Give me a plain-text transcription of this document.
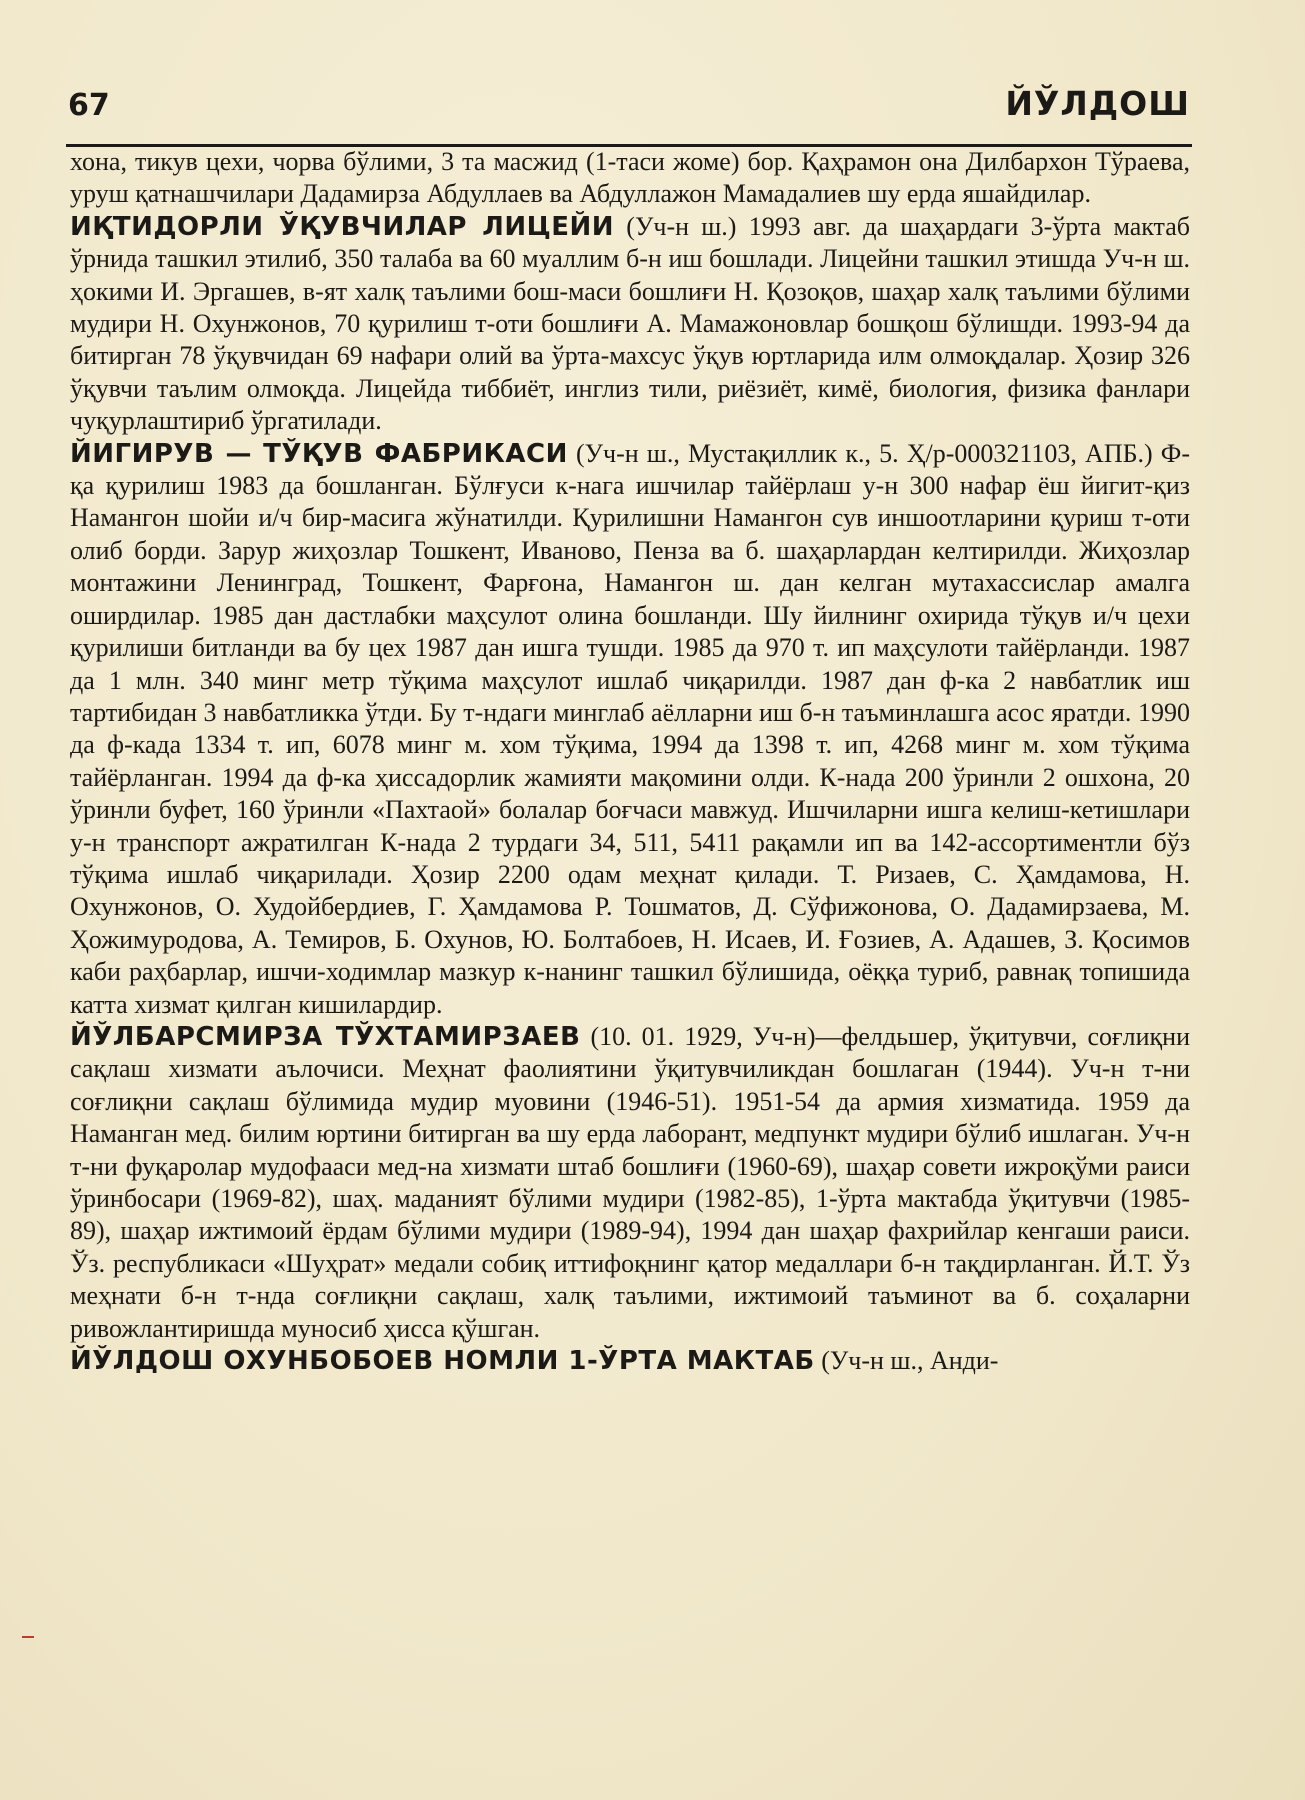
67	ЙЎЛДОШ

хона, тикув цехи, чорва бўлими, 3 та масжид (1-таси жоме) бор. Қаҳрамон она Дилбархон Тўраева, уруш қатнашчилари Дадамирза Абдуллаев ва Абдуллажон Мамадалиев шу ерда яшайдилар.

ИҚТИДОРЛИ ЎҚУВЧИЛАР ЛИЦЕЙИ (Уч-н ш.) 1993 авг. да шаҳардаги 3-ўрта мактаб ўрнида ташкил этилиб, 350 талаба ва 60 муаллим б-н иш бошлади. Лицейни ташкил этишда Уч-н ш. ҳокими И. Эргашев, в-ят халқ таълими бош-маси бошлиғи Н. Қозоқов, шаҳар халқ таълими бўлими мудири Н. Охунжонов, 70 қурилиш т-оти бошлиғи А. Мамажоновлар бошқош бўлишди. 1993-94 да битирган 78 ўқувчидан 69 нафари олий ва ўрта-махсус ўқув юртларида илм олмоқдалар. Ҳозир 326 ўқувчи таълим олмоқда. Лицейда тиббиёт, инглиз тили, риёзиёт, кимё, биология, физика фанлари чуқурлаштириб ўргатилади.

ЙИГИРУВ — ТЎҚУВ ФАБРИКАСИ (Уч-н ш., Мустақиллик к., 5. Ҳ/р-000321103, АПБ.) Ф-қа қурилиш 1983 да бошланган. Бўлғуси к-нага ишчилар тайёрлаш у-н 300 нафар ёш йигит-қиз Намангон шойи и/ч бир-масига жўнатилди. Қурилишни Намангон сув иншоотларини қуриш т-оти олиб борди. Зарур жиҳозлар Тошкент, Иваново, Пенза ва б. шаҳарлардан келтирилди. Жиҳозлар монтажини Ленинград, Тошкент, Фарғона, Намангон ш. дан келган мутахассислар амалга оширдилар. 1985 дан дастлабки маҳсулот олина бошланди. Шу йилнинг охирида тўқув и/ч цехи қурилиши битланди ва бу цех 1987 дан ишга тушди. 1985 да 970 т. ип маҳсулоти тайёрланди. 1987 да 1 млн. 340 минг метр тўқима маҳсулот ишлаб чиқарилди. 1987 дан ф-ка 2 навбатлик иш тартибидан 3 навбатликка ўтди. Бу т-ндаги минглаб аёлларни иш б-н таъминлашга асос яратди. 1990 да ф-када 1334 т. ип, 6078 минг м. хом тўқима, 1994 да 1398 т. ип, 4268 минг м. хом тўқима тайёрланган. 1994 да ф-ка ҳиссадорлик жамияти мақомини олди. К-нада 200 ўринли 2 ошхона, 20 ўринли буфет, 160 ўринли «Пахтаой» болалар боғчаси мавжуд. Ишчиларни ишга келиш-кетишлари у-н транспорт ажратилган К-нада 2 турдаги 34, 511, 5411 рақамли ип ва 142-ассортиментли бўз тўқима ишлаб чиқарилади. Ҳозир 2200 одам меҳнат қилади. Т. Ризаев, С. Ҳамдамова, Н. Охунжонов, О. Худойбердиев, Г. Ҳамдамова Р. Тошматов, Д. Сўфижонова, О. Дадамирзаева, М. Ҳожимуродова, А. Темиров, Б. Охунов, Ю. Болтабоев, Н. Исаев, И. Ғозиев, А. Адашев, З. Қосимов каби раҳбарлар, ишчи-ходимлар мазкур к-нанинг ташкил бўлишида, оёққа туриб, равнақ топишида катта хизмат қилган кишилардир.

ЙЎЛБАРСМИРЗА ТЎХТАМИРЗАЕВ (10. 01. 1929, Уч-н)—фелдьшер, ўқитувчи, соғлиқни сақлаш хизмати аълочиси. Меҳнат фаолиятини ўқитувчиликдан бошлаган (1944). Уч-н т-ни соғлиқни сақлаш бўлимида мудир муовини (1946-51). 1951-54 да армия хизматида. 1959 да Наманган мед. билим юртини битирган ва шу ерда лаборант, медпункт мудири бўлиб ишлаган. Уч-н т-ни фуқаролар мудофааси мед-на хизмати штаб бошлиғи (1960-69), шаҳар совети ижроқўми раиси ўринбосари (1969-82), шаҳ. маданият бўлими мудири (1982-85), 1-ўрта мактабда ўқитувчи (1985-89), шаҳар ижтимоий ёрдам бўлими мудири (1989-94), 1994 дан шаҳар фахрийлар кенгаши раиси. Ўз. республикаси «Шуҳрат» медали собиқ иттифоқнинг қатор медаллари б-н тақдирланган. Й.Т. Ўз меҳнати б-н т-нда соғлиқни сақлаш, халқ таълими, ижтимоий таъминот ва б. соҳаларни ривожлантиришда муносиб ҳисса қўшган.

ЙЎЛДОШ ОХУНБОБОЕВ НОМЛИ 1-ЎРТА МАКТАБ (Уч-н ш., Анди-
